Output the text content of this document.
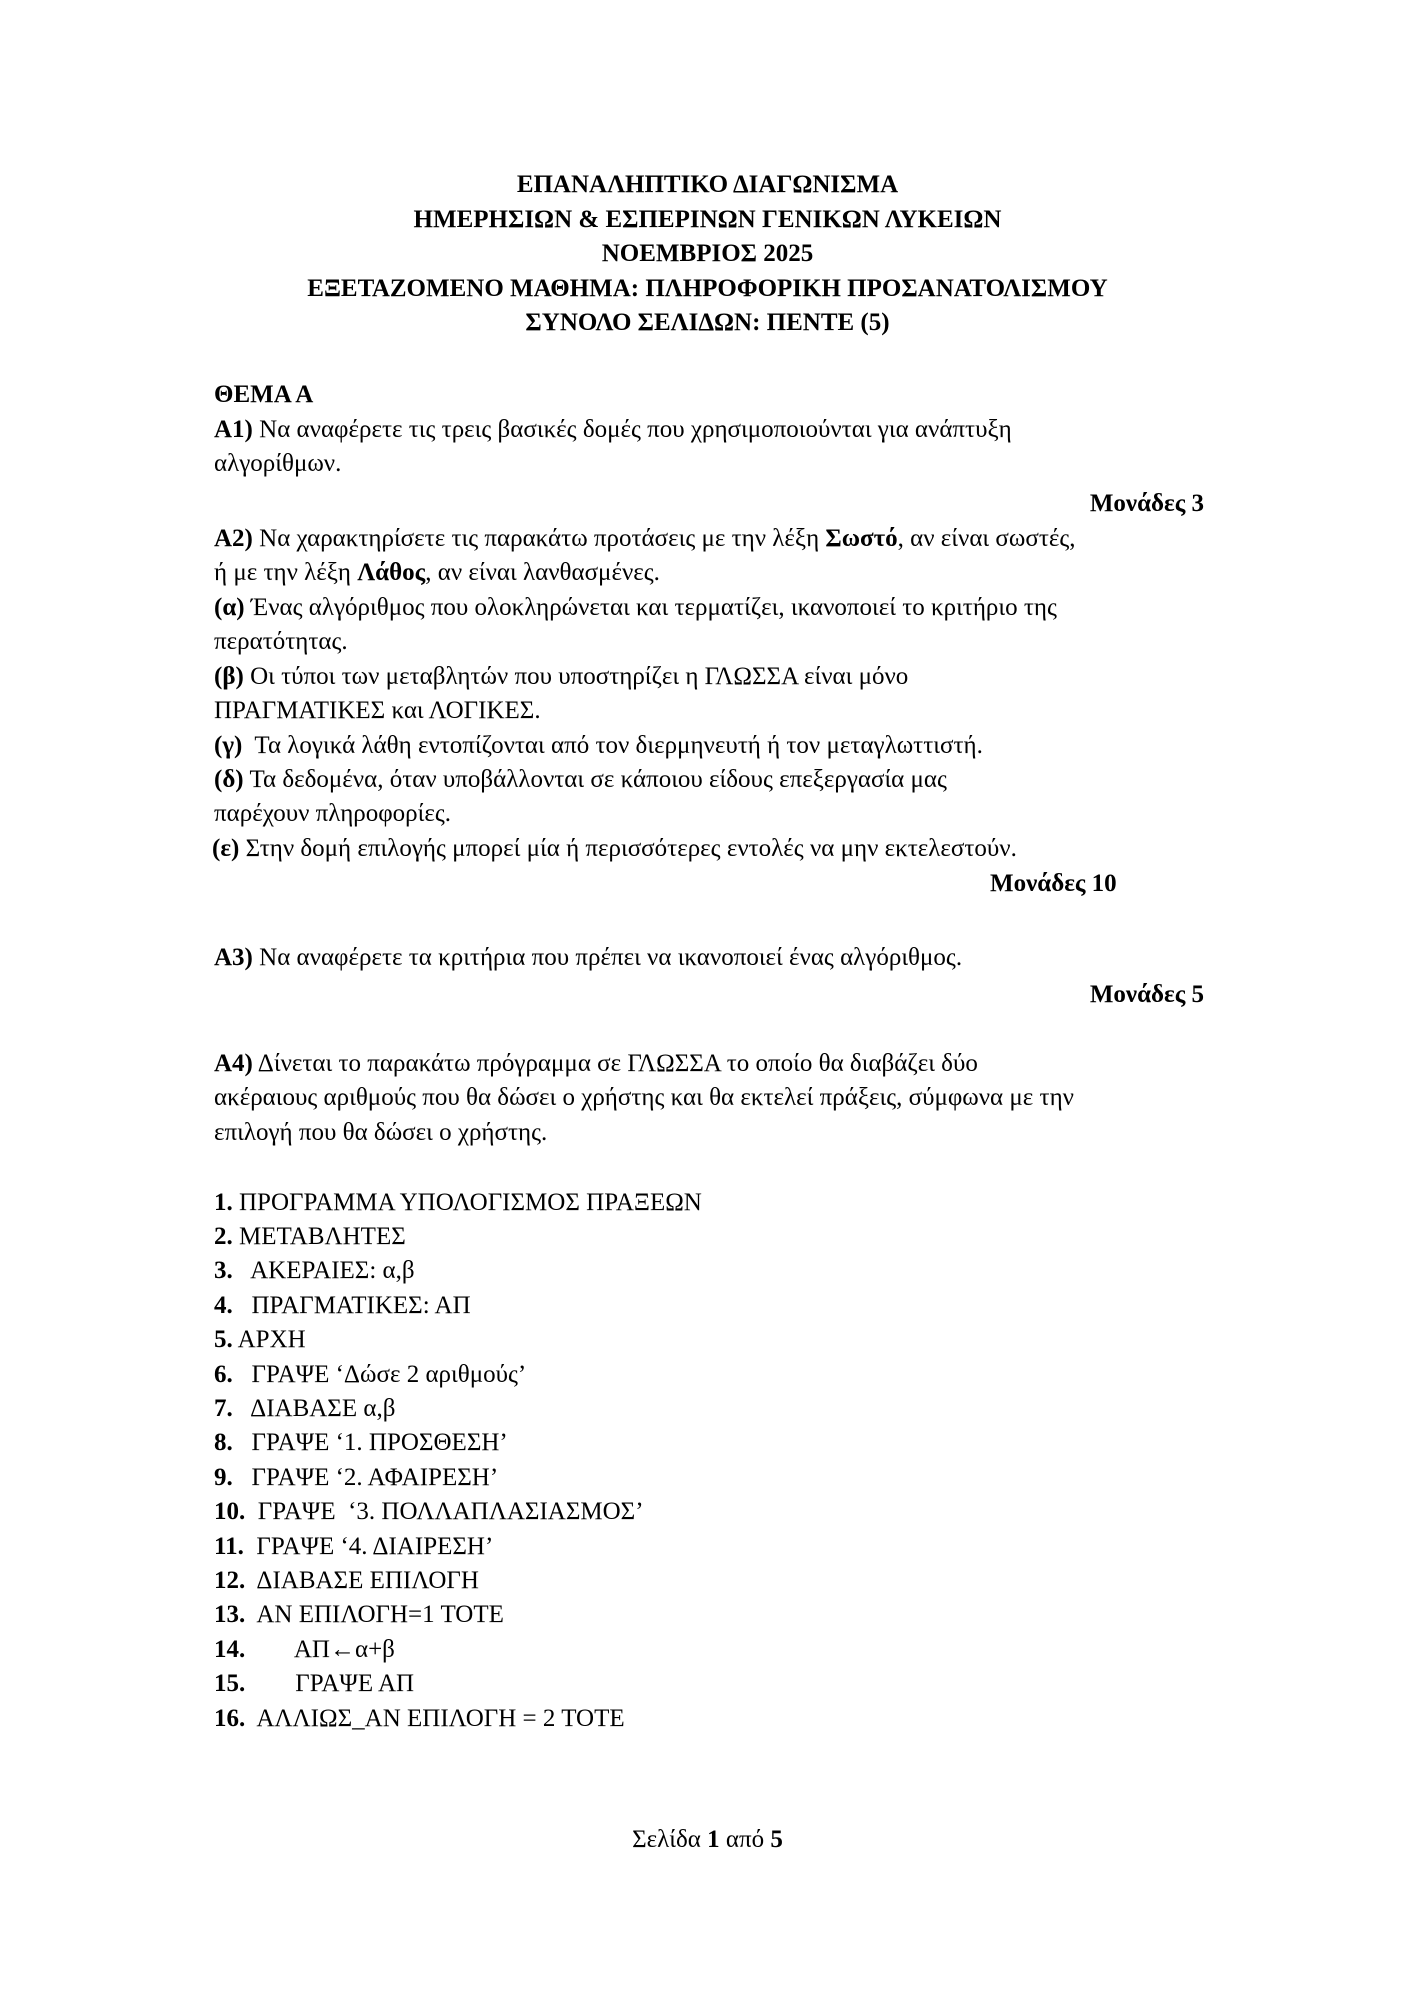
ΕΠΑΝΑΛΗΠΤΙΚΟ ΔΙΑΓΩΝΙΣΜΑ
ΗΜΕΡΗΣΙΩΝ & ΕΣΠΕΡΙΝΩΝ ΓΕΝΙΚΩΝ ΛΥΚΕΙΩΝ
ΝΟΕΜΒΡΙΟΣ 2025
ΕΞΕΤΑΖΟΜΕΝΟ ΜΑΘΗΜΑ: ΠΛΗΡΟΦΟΡΙΚΗ ΠΡΟΣΑΝΑΤΟΛΙΣΜΟΥ
ΣΥΝΟΛΟ ΣΕΛΙΔΩΝ: ΠΕΝΤΕ (5)
ΘΕΜΑ Α
Α1) Να αναφέρετε τις τρεις βασικές δομές που χρησιμοποιούνται για ανάπτυξη
αλγορίθμων.
Μονάδες 3
Α2) Να χαρακτηρίσετε τις παρακάτω προτάσεις με την λέξη Σωστό, αν είναι σωστές,
ή με την λέξη Λάθος, αν είναι λανθασμένες.
(α) Ένας αλγόριθμος που ολοκληρώνεται και τερματίζει, ικανοποιεί το κριτήριο της
περατότητας.
(β) Οι τύποι των μεταβλητών που υποστηρίζει η ΓΛΩΣΣΑ είναι μόνο
ΠΡΑΓΜΑΤΙΚΕΣ και ΛΟΓΙΚΕΣ.
(γ)  Τα λογικά λάθη εντοπίζονται από τον διερμηνευτή ή τον μεταγλωττιστή.
(δ) Τα δεδομένα, όταν υποβάλλονται σε κάποιου είδους επεξεργασία μας
παρέχουν πληροφορίες.
(ε) Στην δομή επιλογής μπορεί μία ή περισσότερες εντολές να μην εκτελεστούν.
Μονάδες 10
Α3) Να αναφέρετε τα κριτήρια που πρέπει να ικανοποιεί ένας αλγόριθμος.
Μονάδες 5
Α4) Δίνεται το παρακάτω πρόγραμμα σε ΓΛΩΣΣΑ το οποίο θα διαβάζει δύο
ακέραιους αριθμούς που θα δώσει ο χρήστης και θα εκτελεί πράξεις, σύμφωνα με την
επιλογή που θα δώσει ο χρήστης.
1. ΠΡΟΓΡΑΜΜΑ ΥΠΟΛΟΓΙΣΜΟΣ ΠΡΑΞΕΩΝ
2. ΜΕΤΑΒΛΗΤΕΣ
3.   ΑΚΕΡΑΙΕΣ: α,β
4.   ΠΡΑΓΜΑΤΙΚΕΣ: ΑΠ
5. ΑΡΧΗ
6.   ΓΡΑΨΕ ‘Δώσε 2 αριθμούς’
7.   ΔΙΑΒΑΣΕ α,β
8.   ΓΡΑΨΕ ‘1. ΠΡΟΣΘΕΣΗ’
9.   ΓΡΑΨΕ ‘2. ΑΦΑΙΡΕΣΗ’
10.  ΓΡΑΨΕ  ‘3. ΠΟΛΛΑΠΛΑΣΙΑΣΜΟΣ’
11.  ΓΡΑΨΕ ‘4. ΔΙΑΙΡΕΣΗ’
12.  ΔΙΑΒΑΣΕ ΕΠΙΛΟΓΗ
13.  ΑΝ ΕΠΙΛΟΓΗ=1 ΤΟΤΕ
14.        ΑΠ←α+β
15.        ΓΡΑΨΕ ΑΠ
16.  ΑΛΛΙΩΣ_ΑΝ ΕΠΙΛΟΓΗ = 2 ΤΟΤΕ
Σελίδα 1 από 5
